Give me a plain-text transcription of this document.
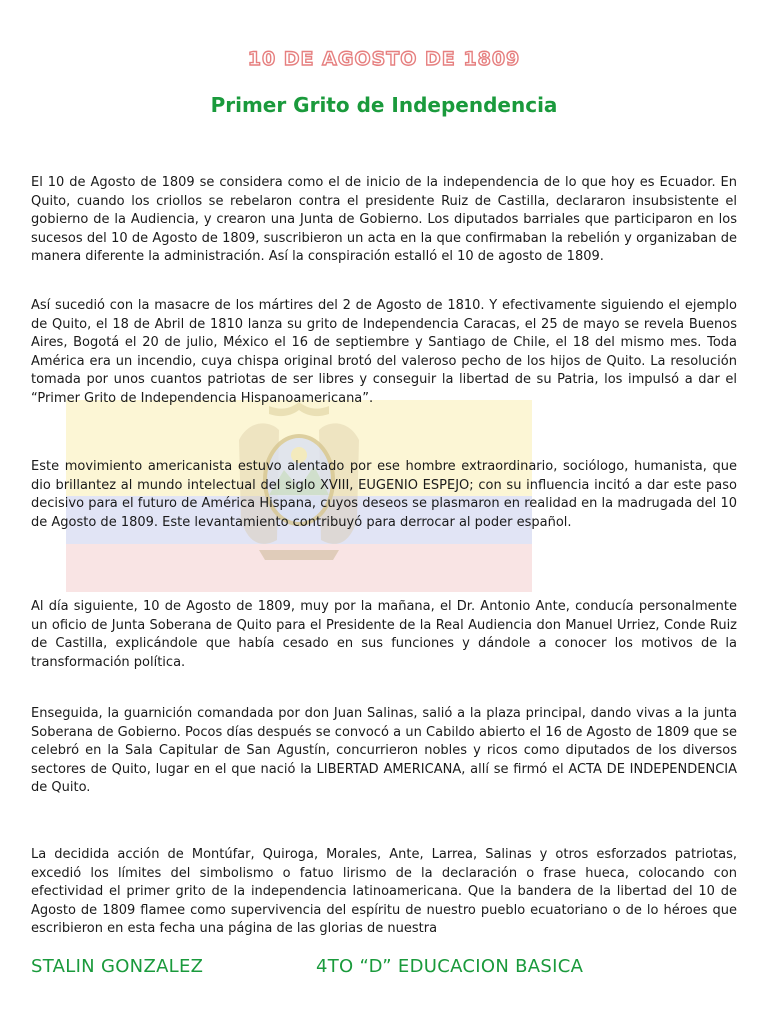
10 DE AGOSTO DE 1809
Primer Grito de Independencia

El 10 de Agosto de 1809 se considera como el de inicio de la independencia de lo que hoy es Ecuador. En Quito, cuando los criollos se rebelaron contra el presidente Ruiz de Castilla, declararon insubsistente el gobierno de la Audiencia, y crearon una Junta de Gobierno. Los diputados barriales que participaron en los sucesos del 10 de Agosto de 1809, suscribieron un acta en la que confirmaban la rebelión y organizaban de manera diferente la administración. Así la conspiración estalló el 10 de agosto de 1809.

Así sucedió con la masacre de los mártires del 2 de Agosto de 1810. Y efectivamente siguiendo el ejemplo de Quito, el 18 de Abril de 1810 lanza su grito de Independencia Caracas, el 25 de mayo se revela Buenos Aires, Bogotá el 20 de julio, México el 16 de septiembre y Santiago de Chile, el 18 del mismo mes. Toda América era un incendio, cuya chispa original brotó del valeroso pecho de los hijos de Quito. La resolución tomada por unos cuantos patriotas de ser libres y conseguir la libertad de su Patria, los impulsó a dar el “Primer Grito de Independencia Hispanoamericana”.

Este movimiento americanista estuvo alentado por ese hombre extraordinario, sociólogo, humanista, que dio brillantez al mundo intelectual del siglo XVIII, EUGENIO ESPEJO; con su influencia incitó a dar este paso decisivo para el futuro de América Hispana, cuyos deseos se plasmaron en realidad en la madrugada del 10 de Agosto de 1809. Este levantamiento contribuyó para derrocar al poder español.

Al día siguiente, 10 de Agosto de 1809, muy por la mañana, el Dr. Antonio Ante, conducía personalmente un oficio de Junta Soberana de Quito para el Presidente de la Real Audiencia don Manuel Urriez, Conde Ruiz de Castilla, explicándole que había cesado en sus funciones y dándole a conocer los motivos de la transformación política.

Enseguida, la guarnición comandada por don Juan Salinas, salió a la plaza principal, dando vivas a la junta Soberana de Gobierno. Pocos días después se convocó a un Cabildo abierto el 16 de Agosto de 1809 que se celebró en la Sala Capitular de San Agustín, concurrieron nobles y ricos como diputados de los diversos sectores de Quito, lugar en el que nació la LIBERTAD AMERICANA, allí se firmó el ACTA DE INDEPENDENCIA de Quito.

La decidida acción de Montúfar, Quiroga, Morales, Ante, Larrea, Salinas y otros esforzados patriotas, excedió los límites del simbolismo o fatuo lirismo de la declaración o frase hueca, colocando con efectividad el primer grito de la independencia latinoamericana. Que la bandera de la libertad del 10 de Agosto de 1809 flamee como supervivencia del espíritu de nuestro pueblo ecuatoriano o de lo héroes que escribieron en esta fecha una página de las glorias de nuestra

STALIN GONZALEZ	4TO “D” EDUCACION BASICA
